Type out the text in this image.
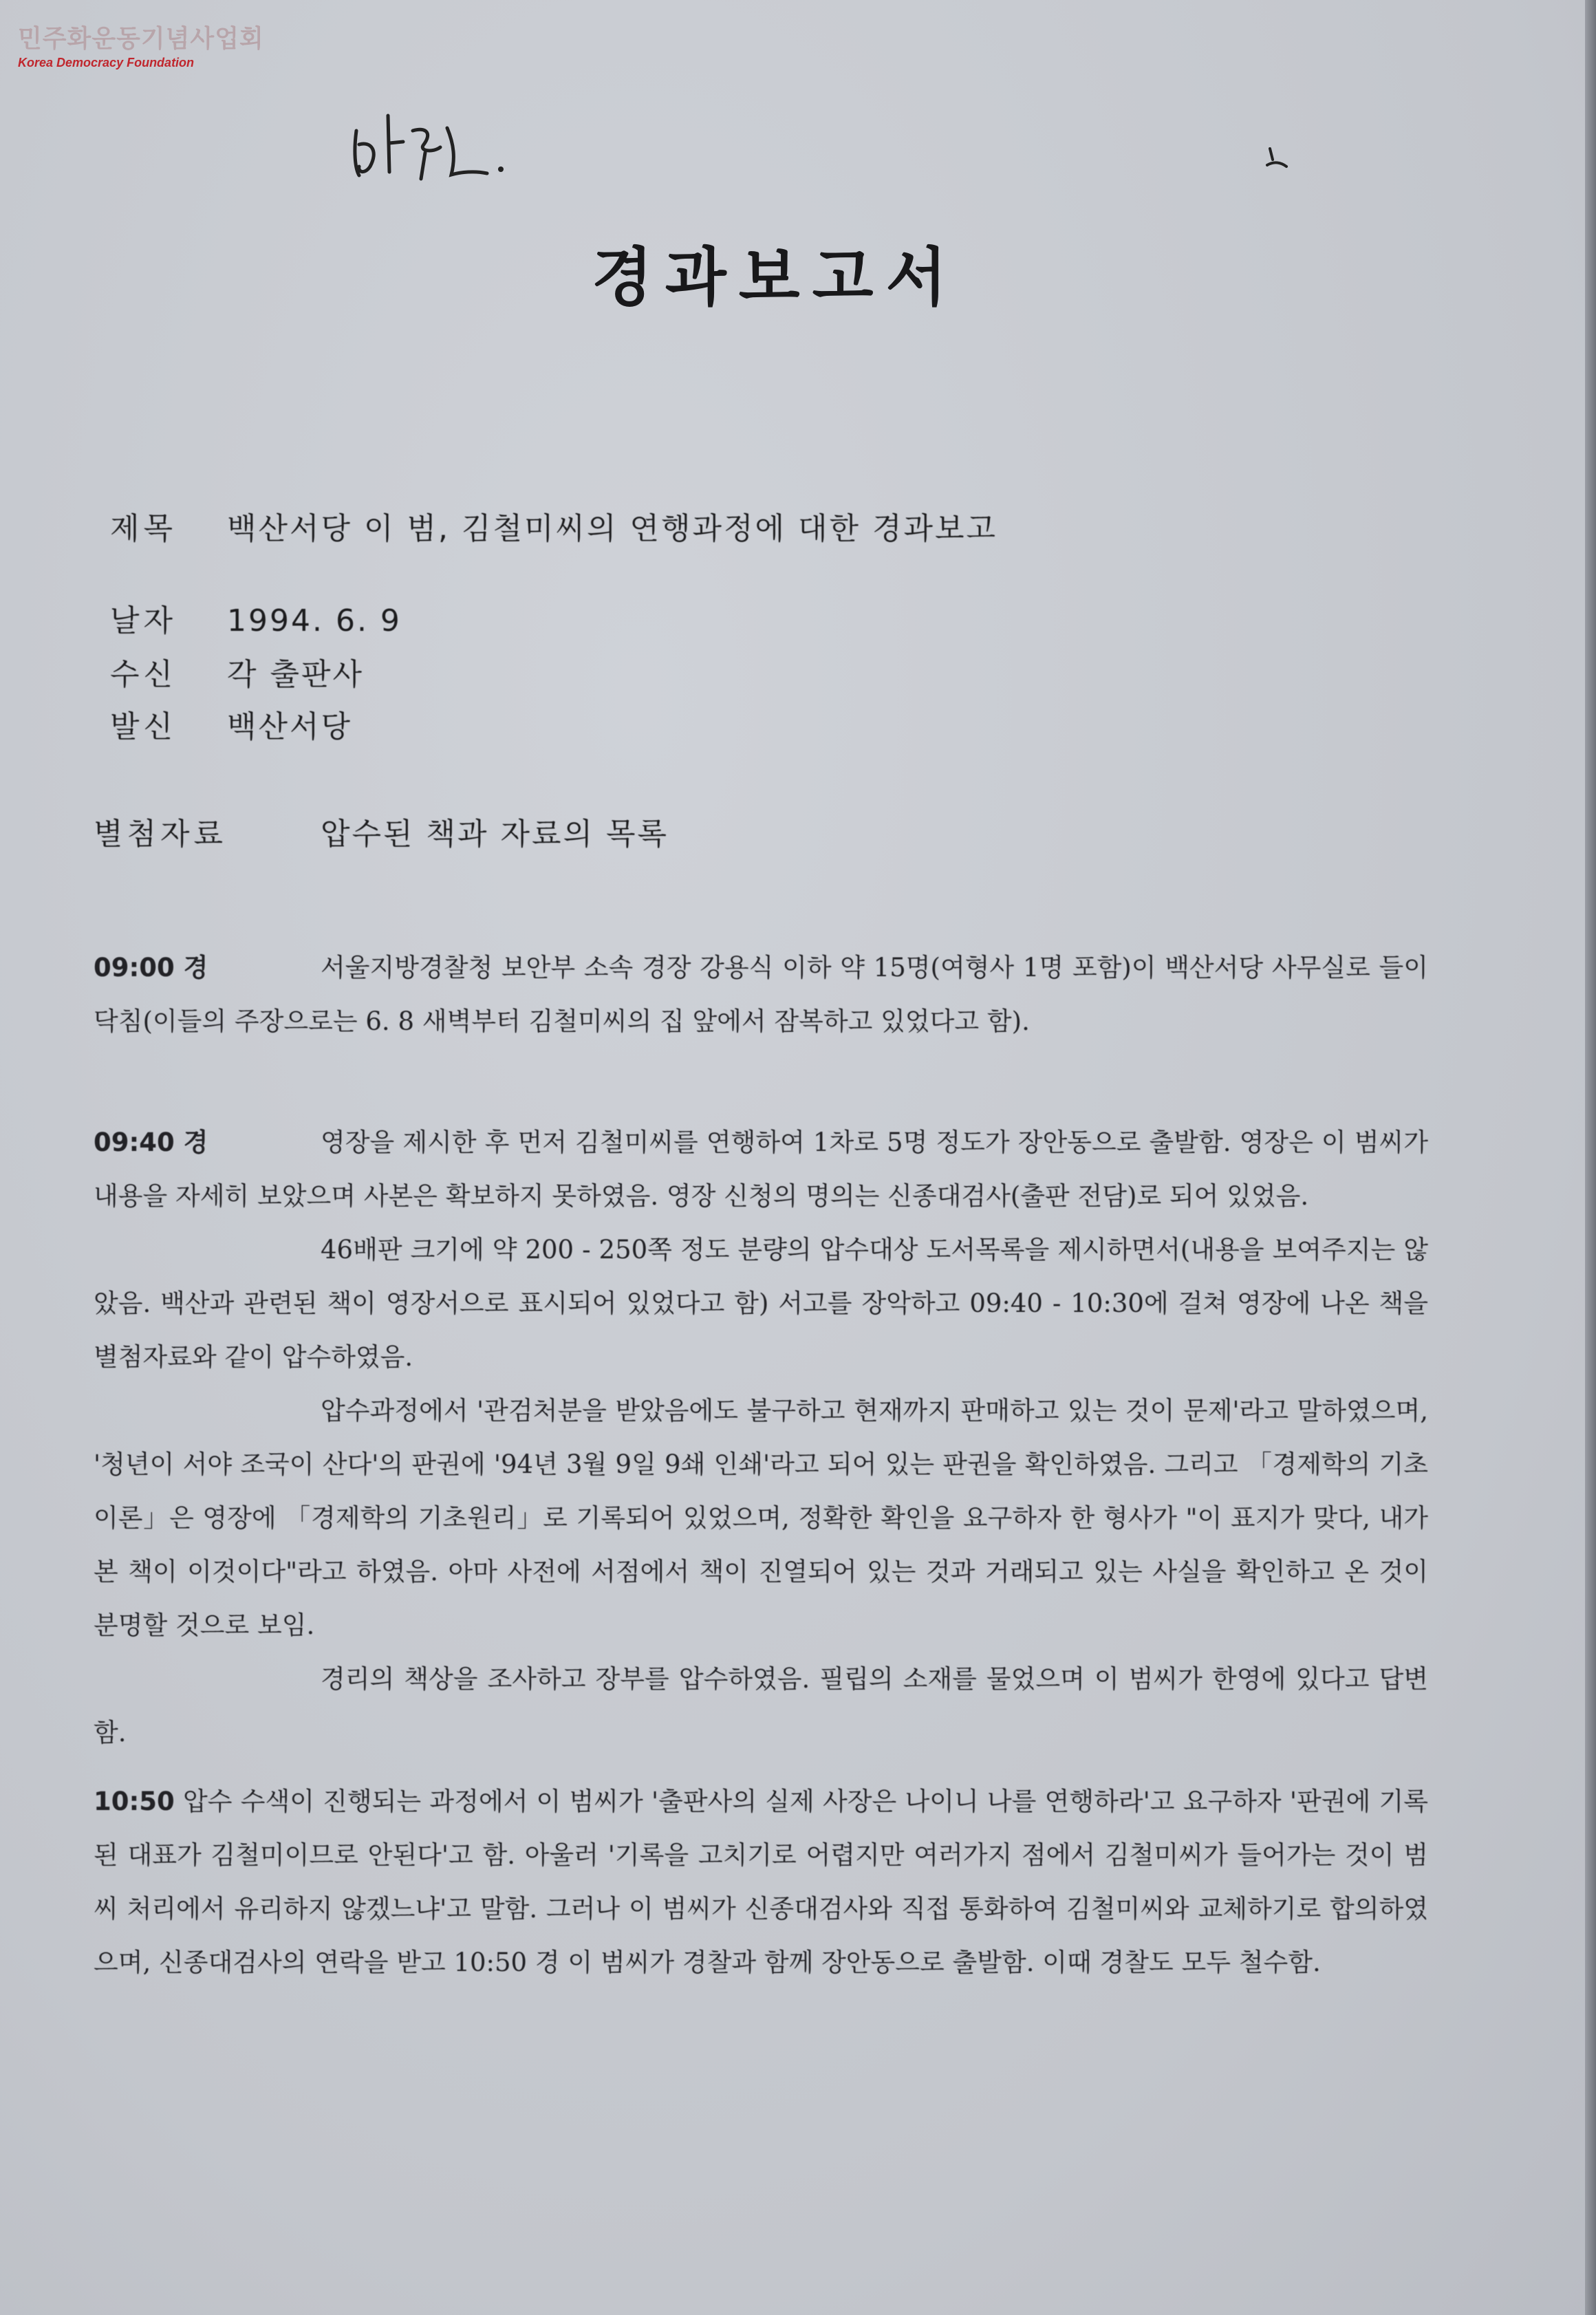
민주화운동기념사업회
Korea Democracy Foundation
경과보고서
제목 백산서당 이 범, 김철미씨의 연행과정에 대한 경과보고
날자 1994. 6. 9
수신 각 출판사
발신 백산서당
별첨자료	압수된 책과 자료의 목록
09:00 경	서울지방경찰청 보안부 소속 경장 강용식 이하 약 15명(여형사 1명 포함)이 백산서당 사무실로 들이닥침(이들의 주장으로는 6. 8 새벽부터 김철미씨의 집 앞에서 잠복하고 있었다고 함).
09:40 경	영장을 제시한 후 먼저 김철미씨를 연행하여 1차로 5명 정도가 장안동으로 출발함. 영장은 이 범씨가 내용을 자세히 보았으며 사본은 확보하지 못하였음. 영장 신청의 명의는 신종대검사(출판 전담)로 되어 있었음.
46배판 크기에 약 200 - 250쪽 정도 분량의 압수대상 도서목록을 제시하면서(내용을 보여주지는 않았음. 백산과 관련된 책이 영장서으로 표시되어 있었다고 함) 서고를 장악하고 09:40 - 10:30에 걸쳐 영장에 나온 책을 별첨자료와 같이 압수하였음.
압수과정에서 '관검처분을 받았음에도 불구하고 현재까지 판매하고 있는 것이 문제'라고 말하였으며, '청년이 서야 조국이 산다'의 판권에 '94년 3월 9일 9쇄 인쇄'라고 되어 있는 판권을 확인하였음. 그리고 「경제학의 기초이론」은 영장에 「경제학의 기초원리」로 기록되어 있었으며, 정확한 확인을 요구하자 한 형사가 "이 표지가 맞다, 내가 본 책이 이것이다"라고 하였음. 아마 사전에 서점에서 책이 진열되어 있는 것과 거래되고 있는 사실을 확인하고 온 것이 분명할 것으로 보임.
경리의 책상을 조사하고 장부를 압수하였음. 필립의 소재를 물었으며 이 범씨가 한영에 있다고 답변함.
10:50 압수 수색이 진행되는 과정에서 이 범씨가 '출판사의 실제 사장은 나이니 나를 연행하라'고 요구하자 '판권에 기록된 대표가 김철미이므로 안된다'고 함. 아울러 '기록을 고치기로 어렵지만 여러가지 점에서 김철미씨가 들어가는 것이 범씨 처리에서 유리하지 않겠느냐'고 말함. 그러나 이 범씨가 신종대검사와 직접 통화하여 김철미씨와 교체하기로 합의하였으며, 신종대검사의 연락을 받고 10:50 경 이 범씨가 경찰과 함께 장안동으로 출발함. 이때 경찰도 모두 철수함.
